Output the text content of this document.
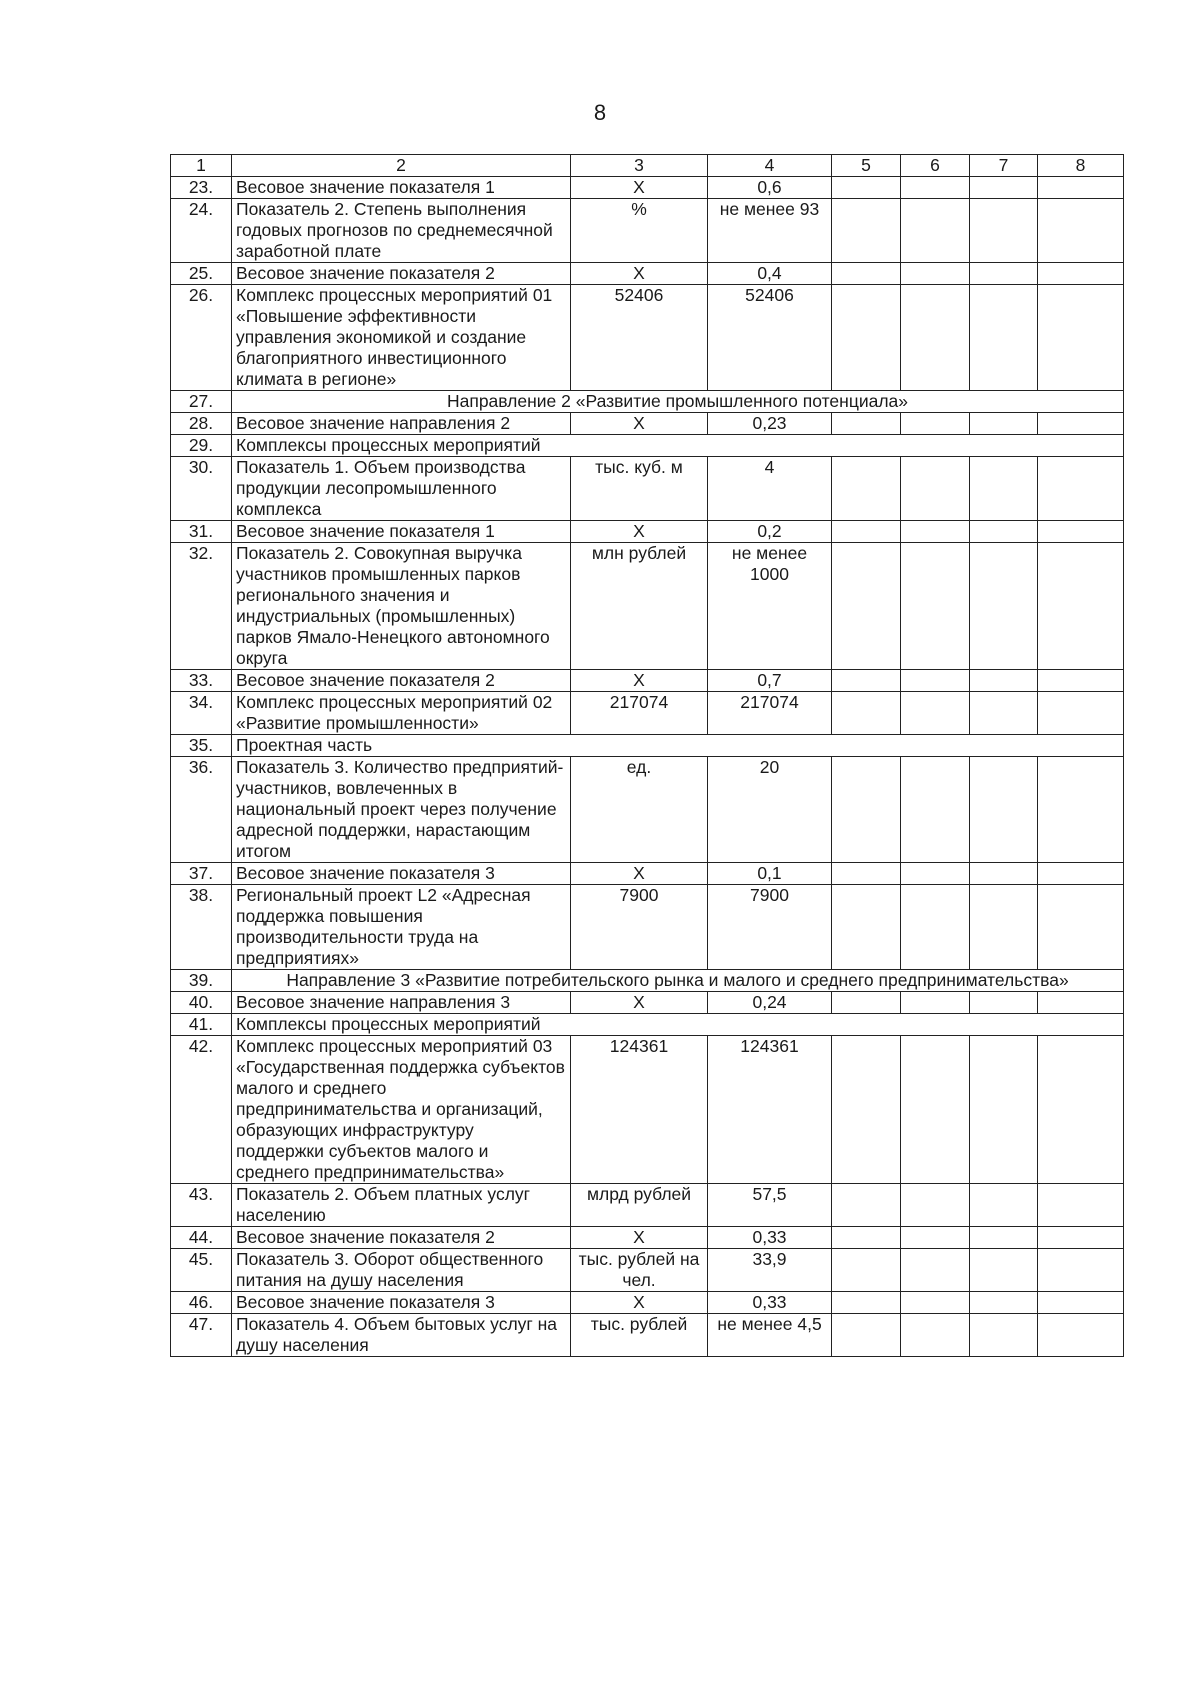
8
1	2	3	4	5	6	7	8
23.	Весовое значение показателя 1	X	0,6				
24.	Показатель 2. Степень выполнения годовых прогнозов по среднемесячной заработной плате	%	не менее 93				
25.	Весовое значение показателя 2	X	0,4				
26.	Комплекс процессных мероприятий 01 «Повышение эффективности управления экономикой и создание благоприятного инвестиционного климата в регионе»	52406	52406				
27.	Направление 2 «Развитие промышленного потенциала»						
28.	Весовое значение направления 2	X	0,23				
29.	Комплексы процессных мероприятий						
30.	Показатель 1. Объем производства продукции лесопромышленного комплекса	тыс. куб. м	4				
31.	Весовое значение показателя 1	X	0,2				
32.	Показатель 2. Совокупная выручка участников промышленных парков регионального значения и индустриальных (промышленных) парков Ямало-Ненецкого автономного округа	млн рублей	не менее 1000				
33.	Весовое значение показателя 2	X	0,7				
34.	Комплекс процессных мероприятий 02 «Развитие промышленности»	217074	217074				
35.	Проектная часть						
36.	Показатель 3. Количество предприятий-участников, вовлеченных в национальный проект через получение адресной поддержки, нарастающим итогом	ед.	20				
37.	Весовое значение показателя 3	X	0,1				
38.	Региональный проект L2 «Адресная поддержка повышения производительности труда на предприятиях»	7900	7900				
39.	Направление 3 «Развитие потребительского рынка и малого и среднего предпринимательства»						
40.	Весовое значение направления 3	X	0,24				
41.	Комплексы процессных мероприятий						
42.	Комплекс процессных мероприятий 03 «Государственная поддержка субъектов малого и среднего предпринимательства и организаций, образующих инфраструктуру поддержки субъектов малого и среднего предпринимательства»	124361	124361				
43.	Показатель 2. Объем платных услуг населению	млрд рублей	57,5				
44.	Весовое значение показателя 2	X	0,33				
45.	Показатель 3. Оборот общественного питания на душу населения	тыс. рублей на чел.	33,9				
46.	Весовое значение показателя 3	X	0,33				
47.	Показатель 4. Объем бытовых услуг на душу населения	тыс. рублей	не менее 4,5				
